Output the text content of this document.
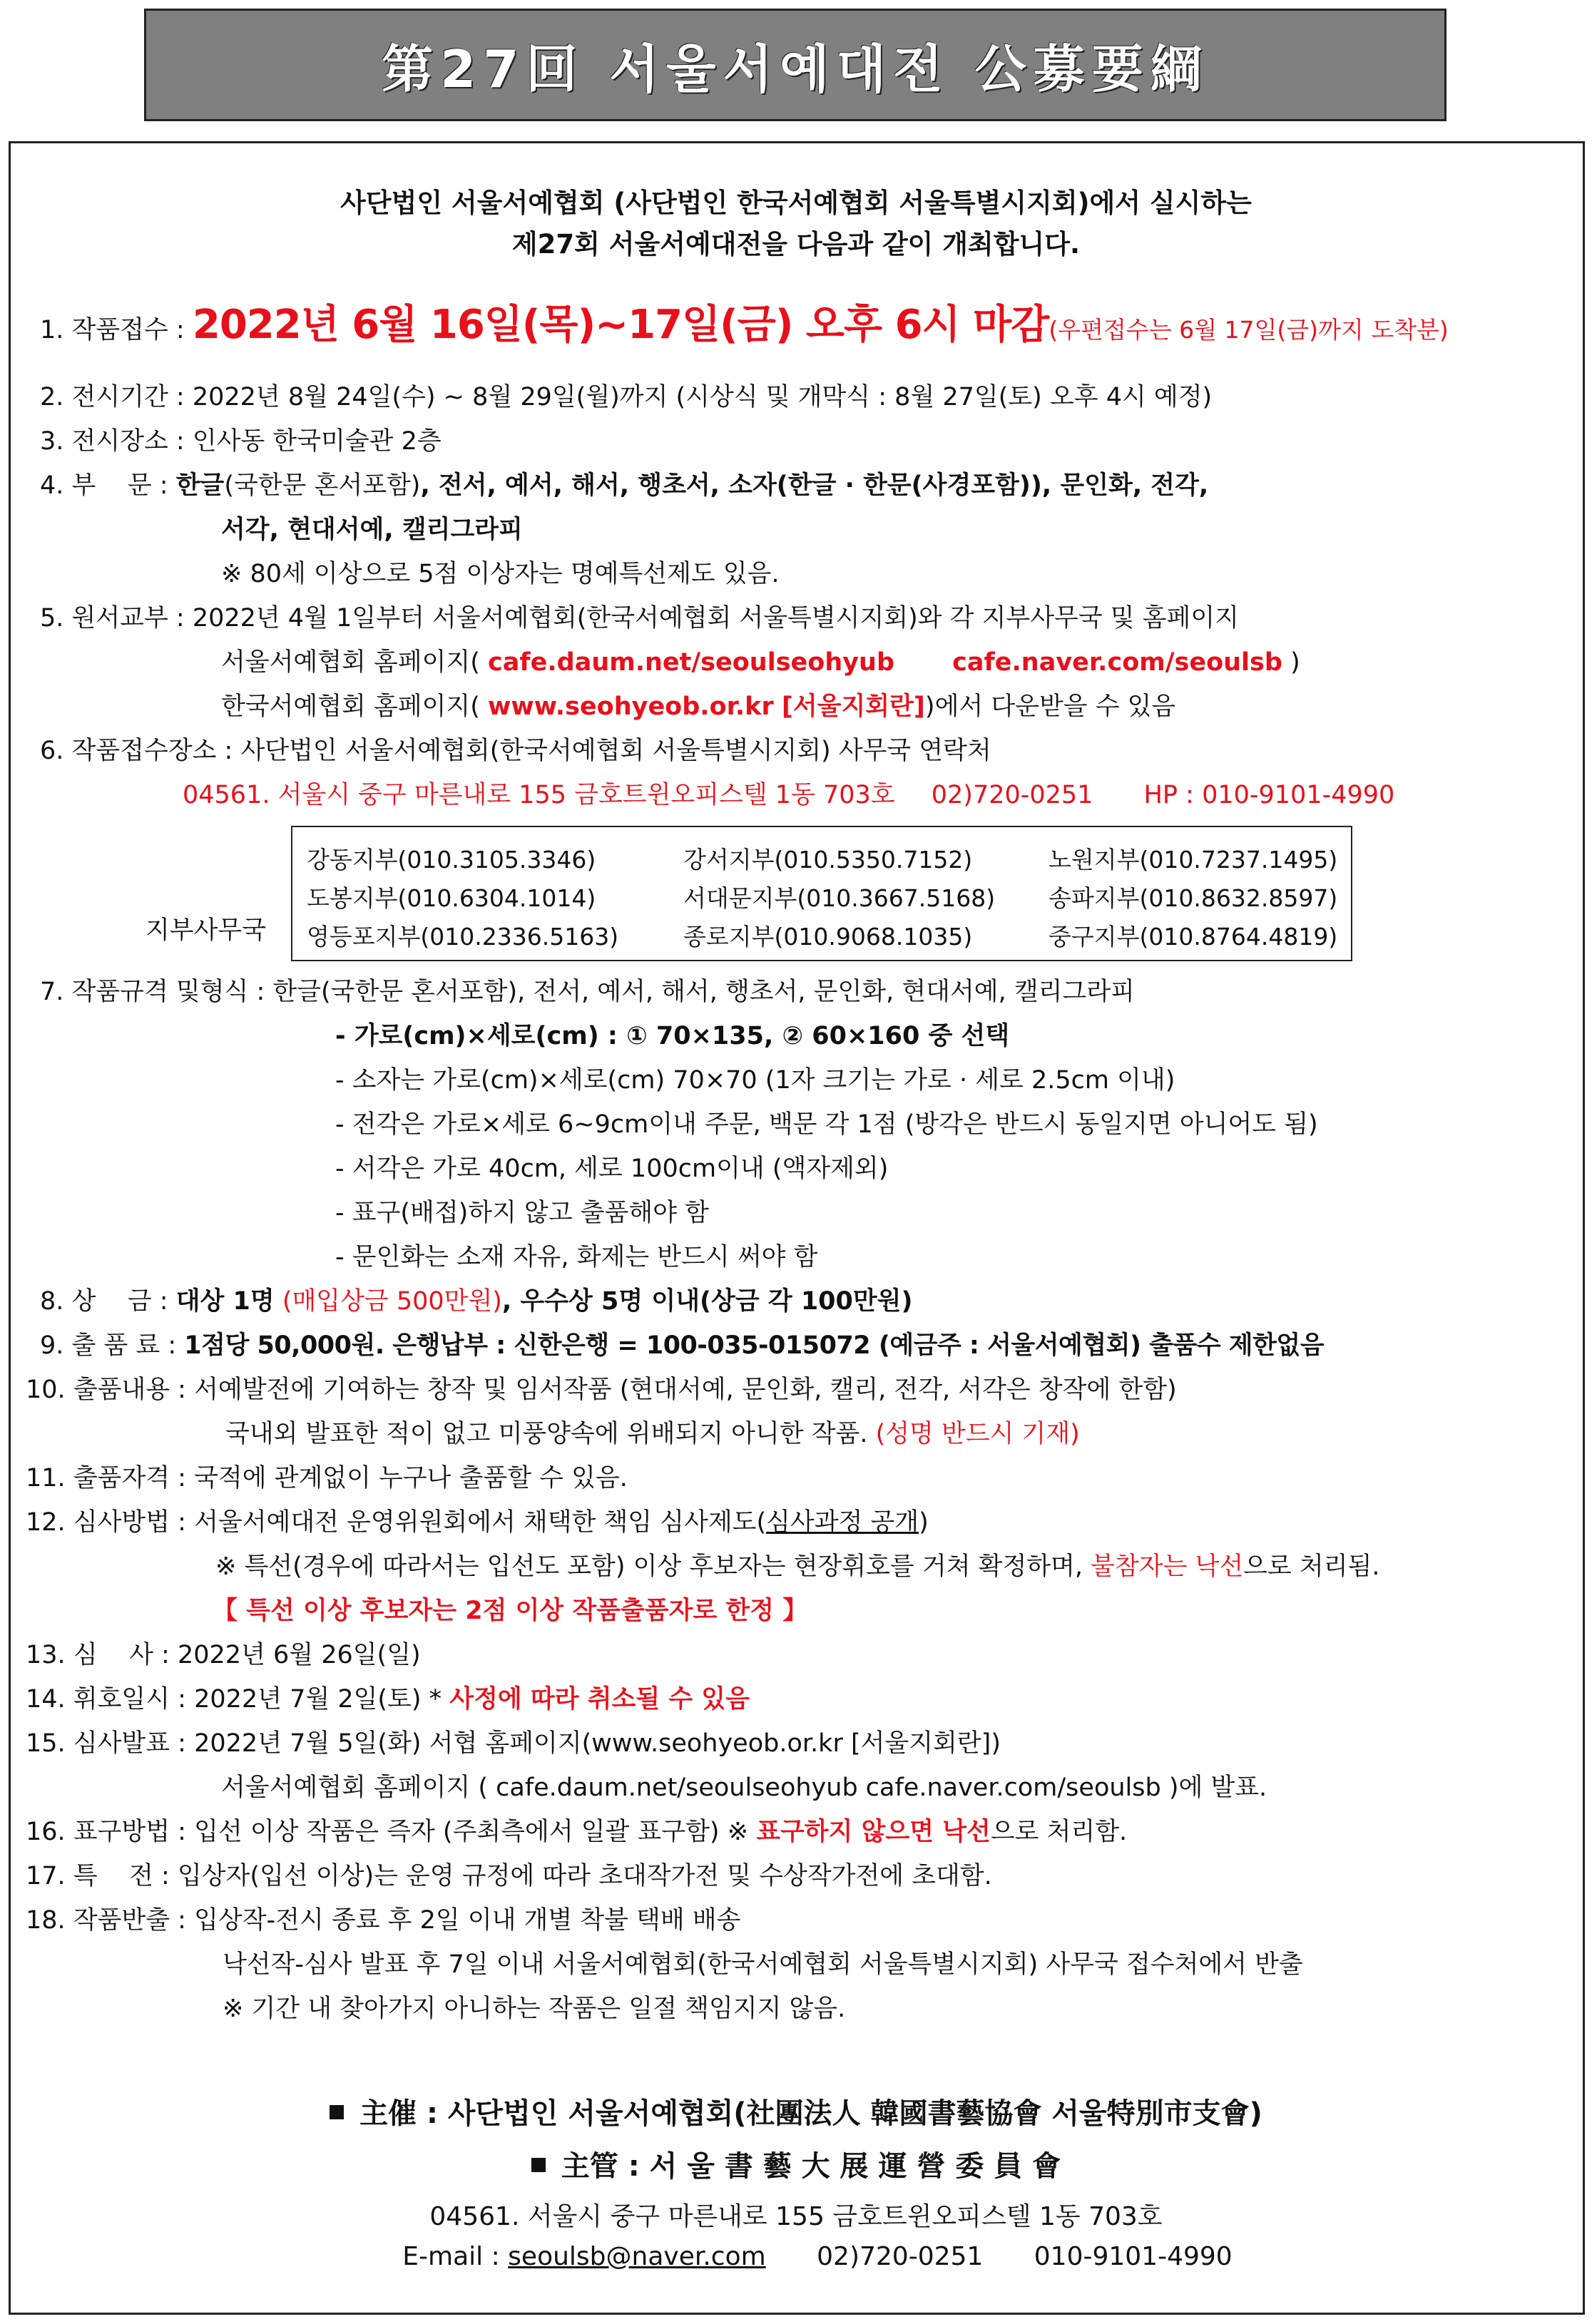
第27回 서울서예대전 公募要綱
사단법인 서울서예협회 (사단법인 한국서예협회 서울특별시지회)에서 실시하는
제27회 서울서예대전을 다음과 같이 개최합니다.
1. 작품접수 : 2022년 6월 16일(목)~17일(금) 오후 6시 마감(우편접수는 6월 17일(금)까지 도착분)
2. 전시기간 : 2022년 8월 24일(수) ~ 8월 29일(월)까지 (시상식 및 개막식 : 8월 27일(토) 오후 4시 예정)
3. 전시장소 : 인사동 한국미술관 2층
4. 부    문 : 한글(국한문 혼서포함), 전서, 예서, 해서, 행초서, 소자(한글 · 한문(사경포함)), 문인화, 전각,
서각, 현대서예, 캘리그라피
※ 80세 이상으로 5점 이상자는 명예특선제도 있음.
5. 원서교부 : 2022년 4월 1일부터 서울서예협회(한국서예협회 서울특별시지회)와 각 지부사무국 및 홈페이지
서울서예협회 홈페이지( cafe.daum.net/seoulseohyub cafe.naver.com/seoulsb )
한국서예협회 홈페이지( www.seohyeob.or.kr [서울지회란])에서 다운받을 수 있음
6. 작품접수장소 : 사단법인 서울서예협회(한국서예협회 서울특별시지회) 사무국 연락처
04561. 서울시 중구 마른내로 155 금호트윈오피스텔 1동 703호 02)720-0251 HP : 010-9101-4990
강동지부(010.3105.3346)	강서지부(010.5350.7152)	노원지부(010.7237.1495)
도봉지부(010.6304.1014)	서대문지부(010.3667.5168) 송파지부(010.8632.8597)
영등포지부(010.2336.5163)	종로지부(010.9068.1035)	중구지부(010.8764.4819)
지부사무국
7. 작품규격 및형식 : 한글(국한문 혼서포함), 전서, 예서, 해서, 행초서, 문인화, 현대서예, 캘리그라피
- 가로(cm)×세로(cm) : ① 70×135, ② 60×160 중 선택
- 소자는 가로(cm)×세로(cm) 70×70 (1자 크기는 가로 · 세로 2.5cm 이내)
- 전각은 가로×세로 6~9cm이내 주문, 백문 각 1점 (방각은 반드시 동일지면 아니어도 됨)
- 서각은 가로 40cm, 세로 100cm이내 (액자제외)
- 표구(배접)하지 않고 출품해야 함
- 문인화는 소재 자유, 화제는 반드시 써야 함
8. 상    금 : 대상 1명 (매입상금 500만원), 우수상 5명 이내(상금 각 100만원)
9. 출 품 료 : 1점당 50,000원. 은행납부 : 신한은행 = 100-035-015072 (예금주 : 서울서예협회) 출품수 제한없음
10. 출품내용 : 서예발전에 기여하는 창작 및 임서작품 (현대서예, 문인화, 캘리, 전각, 서각은 창작에 한함)
국내외 발표한 적이 없고 미풍양속에 위배되지 아니한 작품. (성명 반드시 기재)
11. 출품자격 : 국적에 관계없이 누구나 출품할 수 있음.
12. 심사방법 : 서울서예대전 운영위원회에서 채택한 책임 심사제도(심사과정 공개)
※ 특선(경우에 따라서는 입선도 포함) 이상 후보자는 현장휘호를 거쳐 확정하며, 불참자는 낙선으로 처리됨.
【 특선 이상 후보자는 2점 이상 작품출품자로 한정 】
13. 심    사 : 2022년 6월 26일(일)
14. 휘호일시 : 2022년 7월 2일(토) * 사정에 따라 취소될 수 있음
15. 심사발표 : 2022년 7월 5일(화) 서협 홈페이지(www.seohyeob.or.kr [서울지회란])
서울서예협회 홈페이지 ( cafe.daum.net/seoulseohyub cafe.naver.com/seoulsb )에 발표.
16. 표구방법 : 입선 이상 작품은 즉자 (주최측에서 일괄 표구함) ※ 표구하지 않으면 낙선으로 처리함.
17. 특    전 : 입상자(입선 이상)는 운영 규정에 따라 초대작가전 및 수상작가전에 초대함.
18. 작품반출 : 입상작-전시 종료 후 2일 이내 개별 착불 택배 배송
낙선작-심사 발표 후 7일 이내 서울서예협회(한국서예협회 서울특별시지회) 사무국 접수처에서 반출
※ 기간 내 찾아가지 아니하는 작품은 일절 책임지지 않음.
主催 : 사단법인 서울서예협회(社團法人 韓國書藝協會 서울特別市支會)
主管 : 서 울 書 藝 大 展 運 營 委 員 會
04561. 서울시 중구 마른내로 155 금호트윈오피스텔 1동 703호
E-mail : seoulsb@naver.com 02)720-0251 010-9101-4990
